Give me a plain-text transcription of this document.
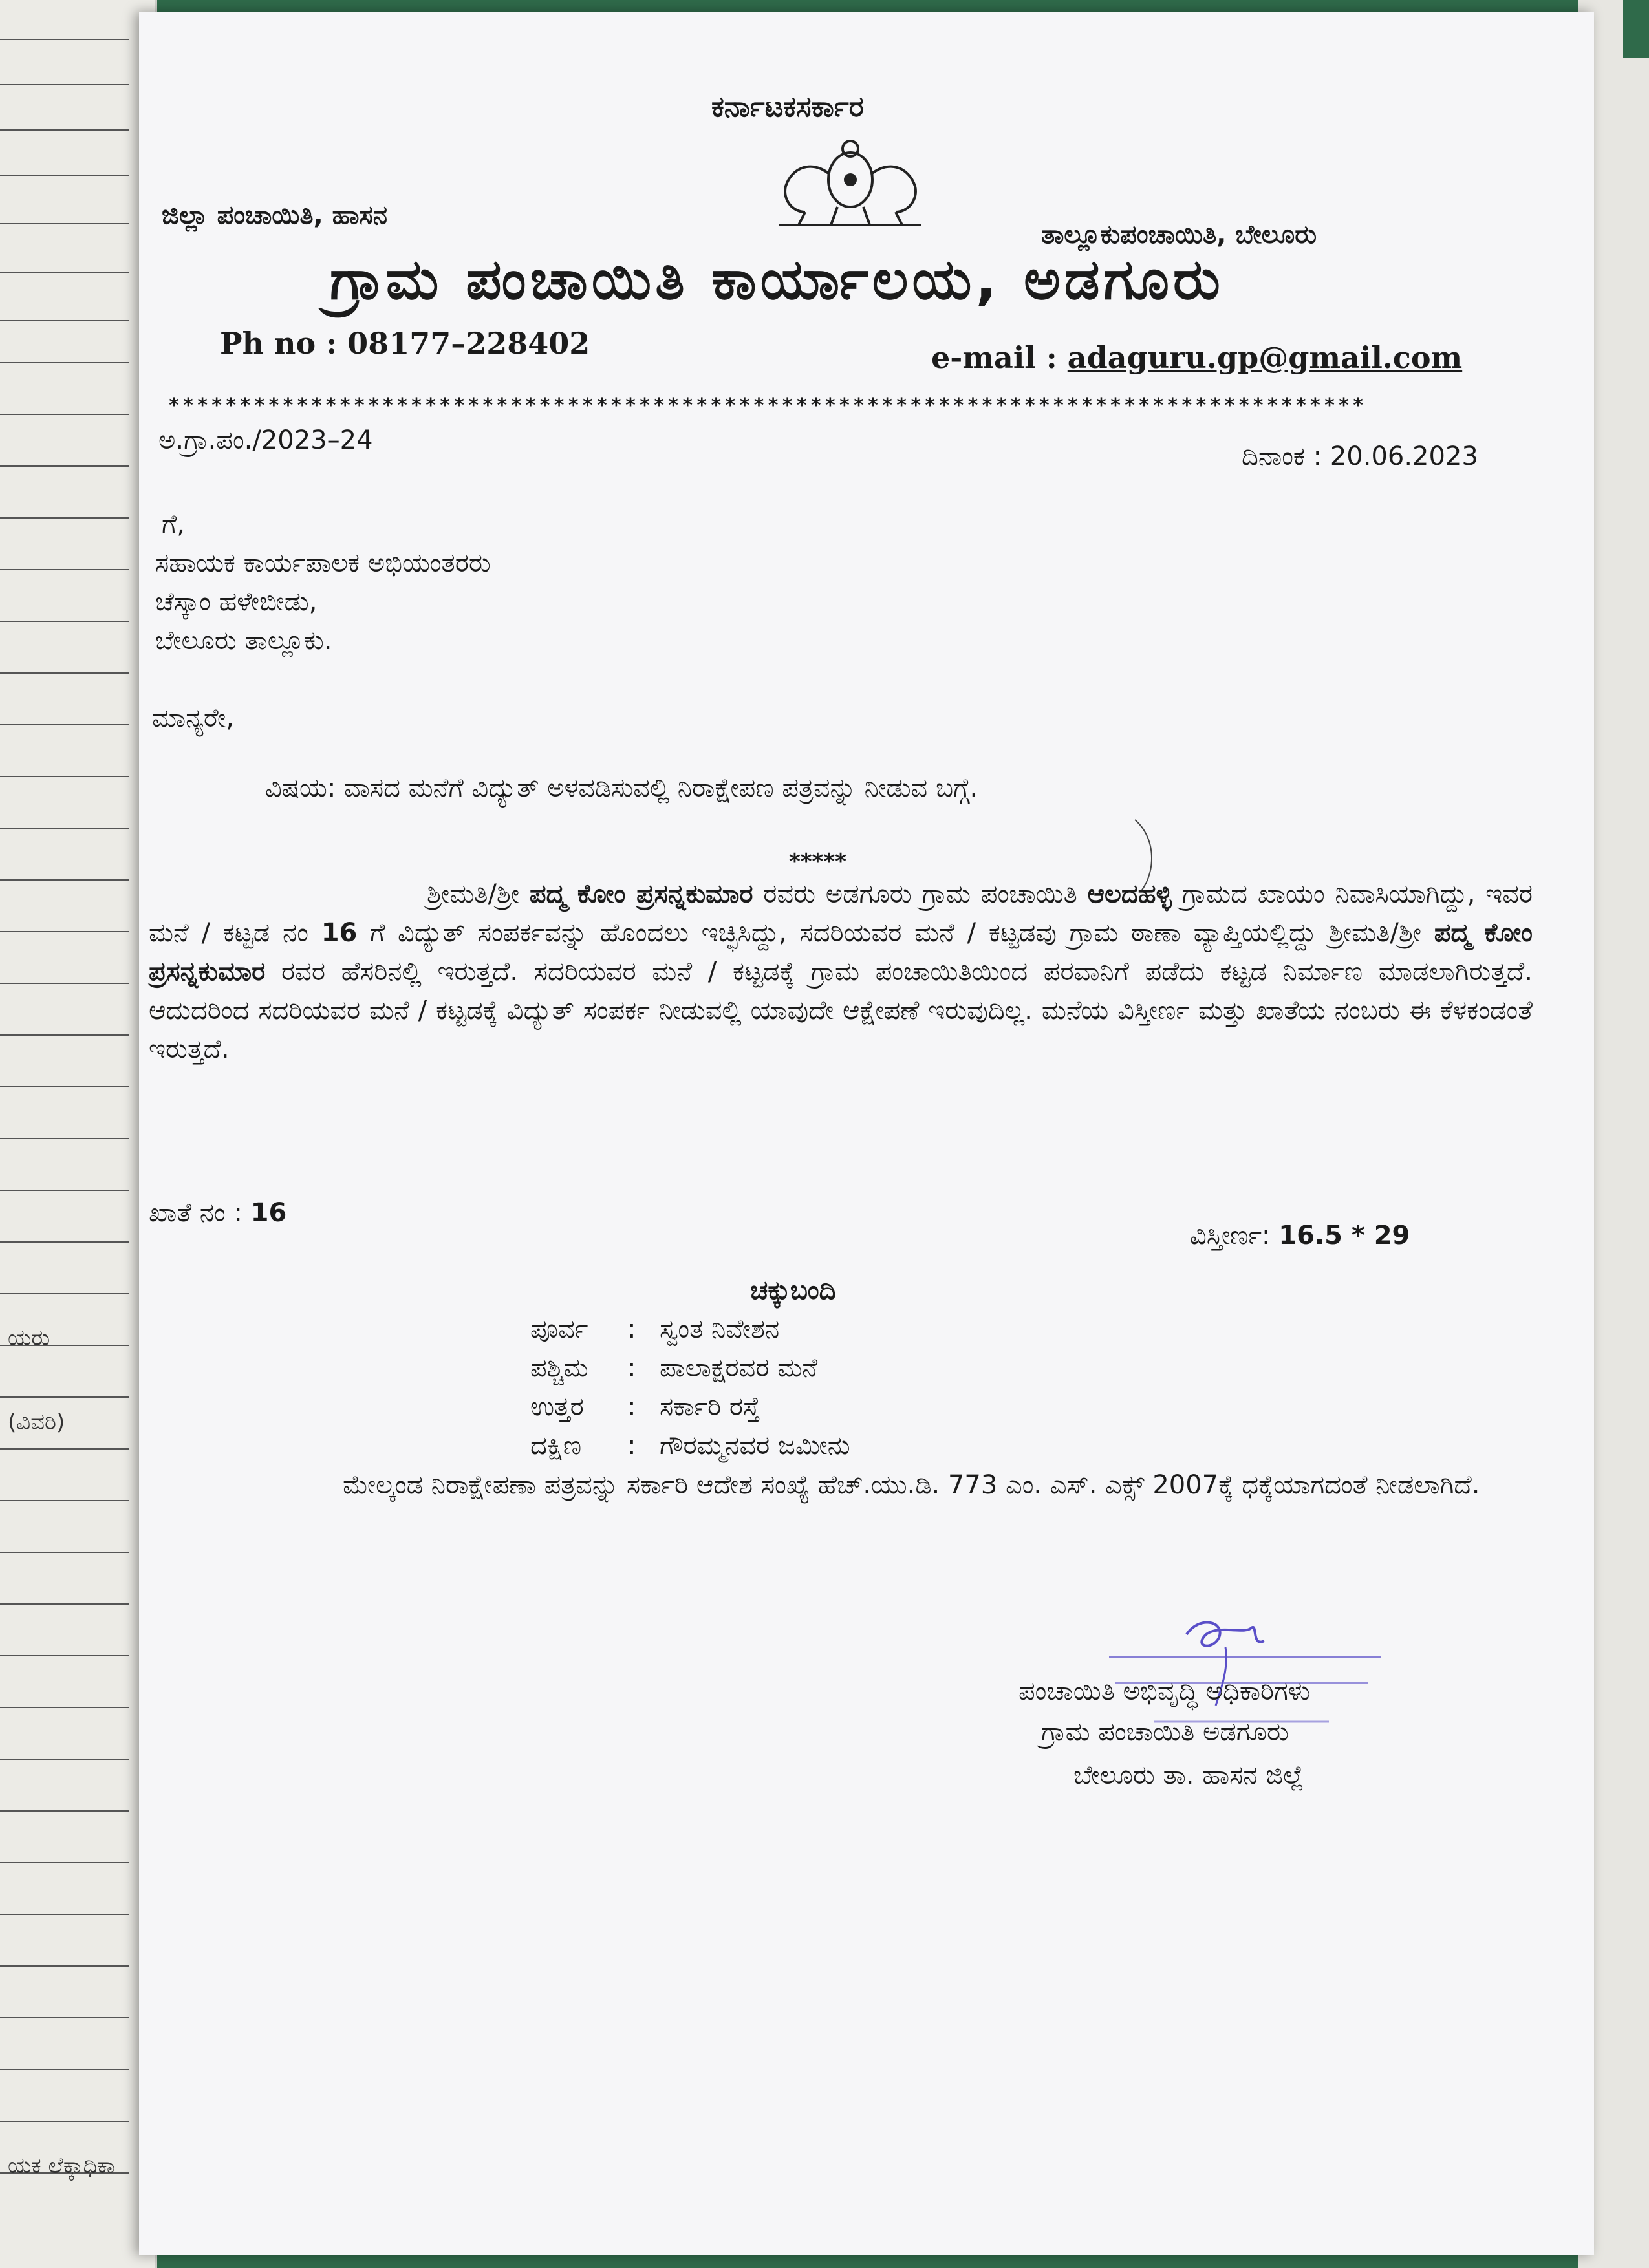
ಯರು
(ವಿವರಿ)
ಯಕ ಲೆಕ್ಕಾಧಿಕಾ
ಕರ್ನಾಟಕಸರ್ಕಾರ
ಜಿಲ್ಲಾ ಪಂಚಾಯಿತಿ, ಹಾಸನ
ತಾಲ್ಲೂಕುಪಂಚಾಯಿತಿ, ಬೇಲೂರು
ಗ್ರಾಮ ಪಂಚಾಯಿತಿ ಕಾರ್ಯಾಲಯ, ಅಡಗೂರು
Ph no : 08177–228402	e-mail : adaguru.gp@gmail.com
************************************************************************************
ಅ.ಗ್ರಾ.ಪಂ./2023–24
ದಿನಾಂಕ : 20.06.2023
ಗೆ,
ಸಹಾಯಕ ಕಾರ್ಯಪಾಲಕ ಅಭಿಯಂತರರು
ಚೆಸ್ಕಾಂ ಹಳೇಬೀಡು,
ಬೇಲೂರು ತಾಲ್ಲೂಕು.
ಮಾನ್ಯರೇ,
ವಿಷಯ: ವಾಸದ ಮನೆಗೆ ವಿದ್ಯುತ್ ಅಳವಡಿಸುವಲ್ಲಿ ನಿರಾಕ್ಷೇಪಣ ಪತ್ರವನ್ನು ನೀಡುವ ಬಗ್ಗೆ.
*****
ಶ್ರೀಮತಿ/ಶ್ರೀ ಪದ್ಮ ಕೋಂ ಪ್ರಸನ್ನಕುಮಾರ ರವರು ಅಡಗೂರು ಗ್ರಾಮ ಪಂಚಾಯಿತಿ ಆಲದಹಳ್ಳಿ ಗ್ರಾಮದ ಖಾಯಂ ನಿವಾಸಿಯಾಗಿದ್ದು, ಇವರ ಮನೆ / ಕಟ್ಟಡ ನಂ 16 ಗೆ ವಿದ್ಯುತ್ ಸಂಪರ್ಕವನ್ನು ಹೊಂದಲು ಇಚ್ಛಿಸಿದ್ದು, ಸದರಿಯವರ ಮನೆ / ಕಟ್ಟಡವು ಗ್ರಾಮ ಠಾಣಾ ವ್ಯಾಪ್ತಿಯಲ್ಲಿದ್ದು ಶ್ರೀಮತಿ/ಶ್ರೀ ಪದ್ಮ ಕೋಂ ಪ್ರಸನ್ನಕುಮಾರ ರವರ ಹೆಸರಿನಲ್ಲಿ ಇರುತ್ತದೆ. ಸದರಿಯವರ ಮನೆ / ಕಟ್ಟಡಕ್ಕೆ ಗ್ರಾಮ ಪಂಚಾಯಿತಿಯಿಂದ ಪರವಾನಿಗೆ ಪಡೆದು ಕಟ್ಟಡ ನಿರ್ಮಾಣ ಮಾಡಲಾಗಿರುತ್ತದೆ. ಆದುದರಿಂದ ಸದರಿಯವರ ಮನೆ / ಕಟ್ಟಡಕ್ಕೆ ವಿದ್ಯುತ್ ಸಂಪರ್ಕ ನೀಡುವಲ್ಲಿ ಯಾವುದೇ ಆಕ್ಷೇಪಣೆ ಇರುವುದಿಲ್ಲ. ಮನೆಯ ವಿಸ್ತೀರ್ಣ ಮತ್ತು ಖಾತೆಯ ನಂಬರು ಈ ಕೆಳಕಂಡಂತೆ ಇರುತ್ತದೆ.
ಖಾತೆ ನಂ : 16
ವಿಸ್ತೀರ್ಣ: 16.5 * 29
ಚಕ್ಕುಬಂದಿ
ಪೂರ್ವ : ಸ್ವಂತ ನಿವೇಶನ
ಪಶ್ಚಿಮ : ಪಾಲಾಕ್ಷರವರ ಮನೆ
ಉತ್ತರ : ಸರ್ಕಾರಿ ರಸ್ತೆ
ದಕ್ಷಿಣ : ಗೌರಮ್ಮನವರ ಜಮೀನು
ಮೇಲ್ಕಂಡ ನಿರಾಕ್ಷೇಪಣಾ ಪತ್ರವನ್ನು ಸರ್ಕಾರಿ ಆದೇಶ ಸಂಖ್ಯೆ ಹೆಚ್.ಯು.ಡಿ. 773 ಎಂ. ಎಸ್. ಎಕ್ಸ್ 2007ಕ್ಕೆ ಧಕ್ಕೆಯಾಗದಂತೆ ನೀಡಲಾಗಿದೆ.
ಪಂಚಾಯಿತಿ ಅಭಿವೃದ್ಧಿ ಅಧಿಕಾರಿಗಳು
ಗ್ರಾಮ ಪಂಚಾಯಿತಿ ಅಡಗೂರು
ಬೇಲೂರು ತಾ. ಹಾಸನ ಜಿಲ್ಲೆ
